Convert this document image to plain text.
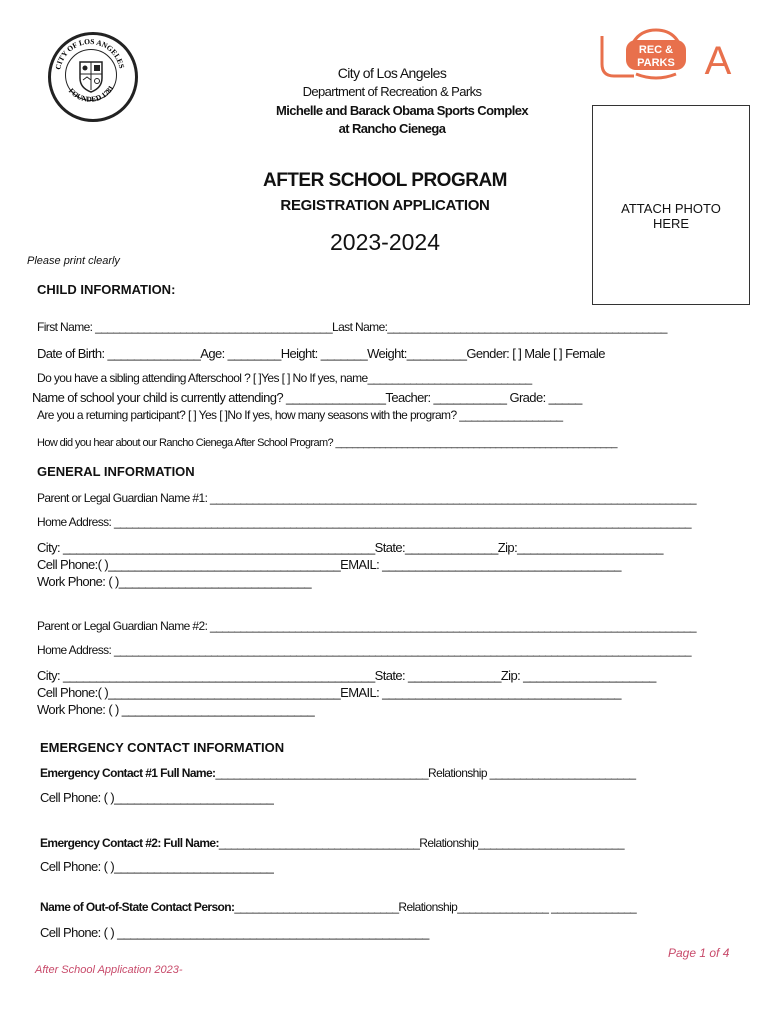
CITY OF LOS ANGELES
FOUNDED 1781
REC &
PARKS A
City of Los Angeles
Department of Recreation & Parks
Michelle and Barack Obama Sports Complex
at Rancho Cienega
ATTACH PHOTO
HERE
AFTER SCHOOL PROGRAM
REGISTRATION APPLICATION
2023-2024
Please print clearly
CHILD INFORMATION:
First Name: _______________________________________Last Name:______________________________________________
Date of Birth: ______________Age: ________Height: _______Weight:_________Gender: [ ] Male [ ] Female
Do you have a sibling attending Afterschool ? [ ]Yes [ ] No If yes, name___________________________
Name of school your child is currently attending? _______________Teacher: ___________ Grade: _____
Are you a returning participant? [ ] Yes [ ]No If yes, how many seasons with the program? _________________
How did you hear about our Rancho Cienega After School Program? ___________________________________________________
GENERAL INFORMATION
Parent or Legal Guardian Name #1: ________________________________________________________________________________
Home Address: _______________________________________________________________________________________________
City: _______________________________________________State:______________Zip:______________________
Cell Phone:( )___________________________________EMAIL: ____________________________________
Work Phone: ( )_____________________________
Parent or Legal Guardian Name #2: ________________________________________________________________________________
Home Address: _______________________________________________________________________________________________
City: _______________________________________________State: ______________Zip: ____________________
Cell Phone:( )___________________________________EMAIL: ____________________________________
Work Phone: ( ) _____________________________
EMERGENCY CONTACT INFORMATION
Emergency Contact #1 Full Name:___________________________________Relationship ________________________
Cell Phone: ( )________________________
Emergency Contact #2: Full Name:_________________________________Relationship________________________
Cell Phone: ( )________________________
Name of Out-of-State Contact Person:___________________________Relationship_______________ ______________
Cell Phone: ( ) _______________________________________________
Page 1 of 4
After School Application 2023-
